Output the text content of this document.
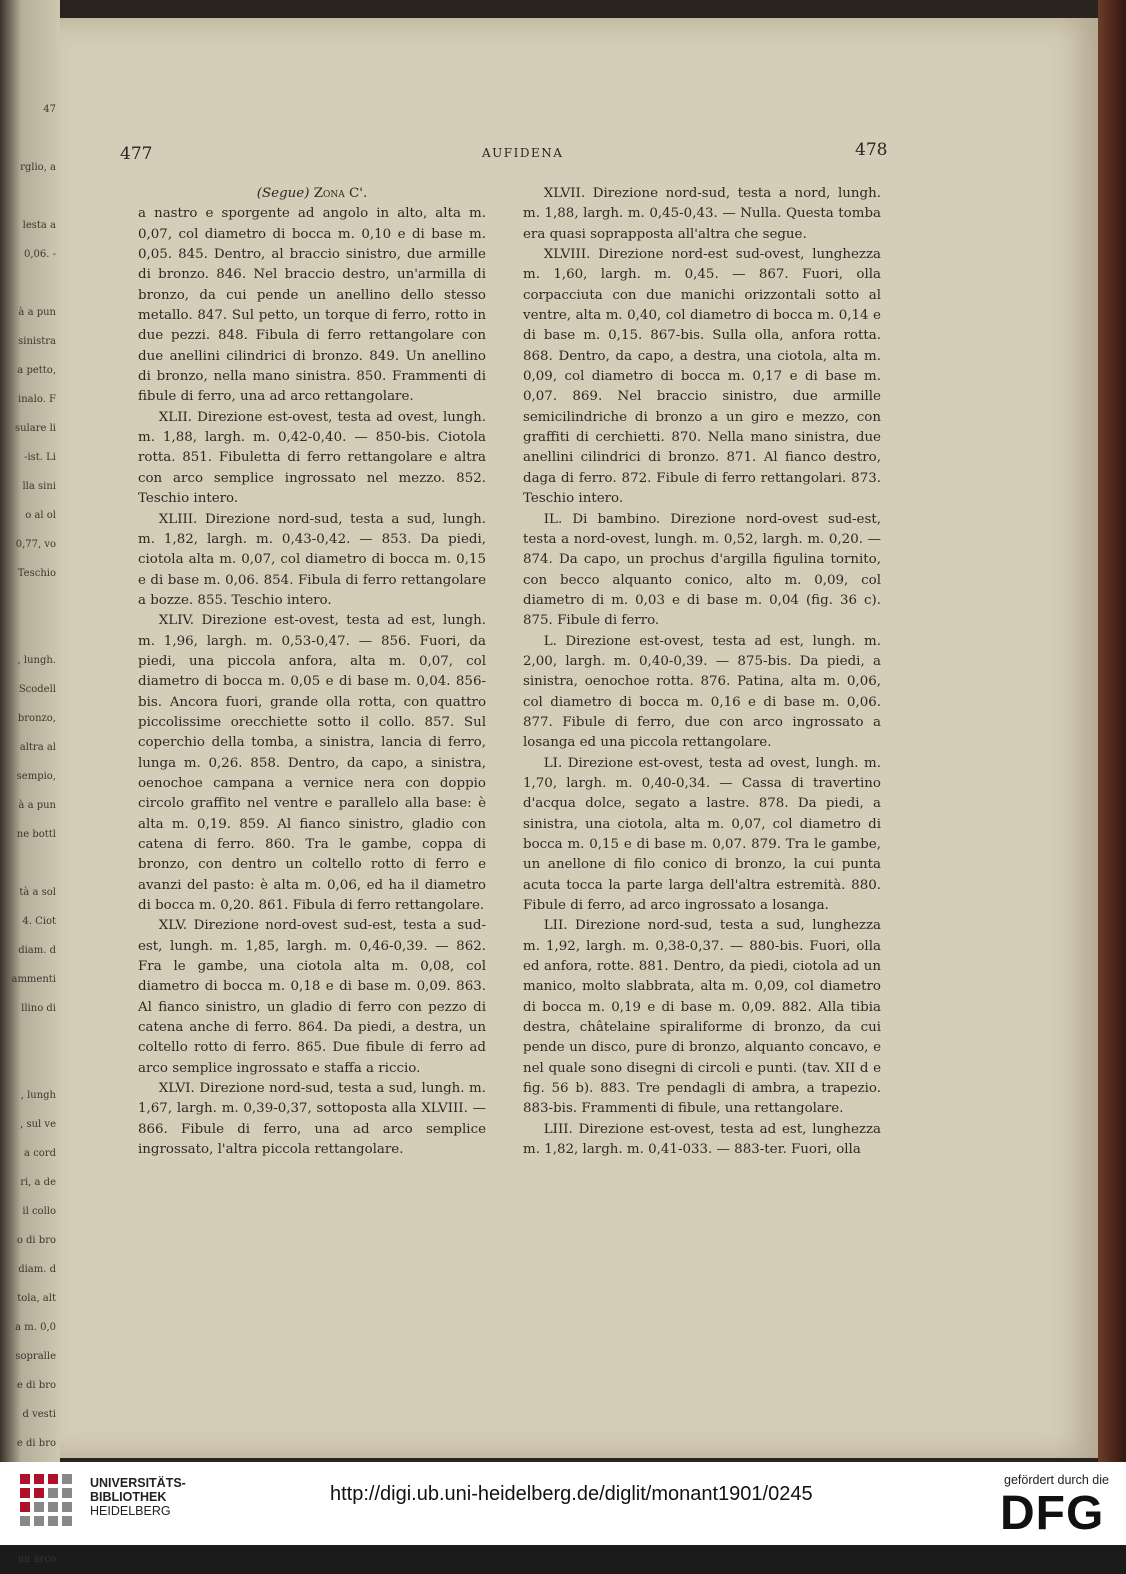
47

rglio, a

lesta a
0,06. -

à a pun
sinistra
a petto,
inalo. F
sulare li
-ist. Li
lla sini
o al ol
0,77, vo
Teschio

, lungh.
Scodell
bronzo,
altra al
sempio,
à a pun
ne bottl

tà a sol
4. Ciot
diam. d
ammenti
llino di

, lungh
, sul ve
a cord
ri, a de
il collo
o di bro
diam. d
tola, alt
a m. 0,0
sopralle
e di bro
d vesti
e di bro

un arco
477	AUFIDENA	478

(Segue) Zona C'.

a nastro e sporgente ad angolo in alto, alta m. 0,07, col diametro di bocca m. 0,10 e di base m. 0,05. 845. Dentro, al braccio sinistro, due armille di bronzo. 846. Nel braccio destro, un'armilla di bronzo, da cui pende un anellino dello stesso metallo. 847. Sul petto, un torque di ferro, rotto in due pezzi. 848. Fibula di ferro rettangolare con due anellini cilindrici di bronzo. 849. Un anellino di bronzo, nella mano sinistra. 850. Frammenti di fibule di ferro, una ad arco rettangolare.

XLII. Direzione est-ovest, testa ad ovest, lungh. m. 1,88, largh. m. 0,42-0,40. — 850-bis. Ciotola rotta. 851. Fibuletta di ferro rettangolare e altra con arco semplice ingrossato nel mezzo. 852. Teschio intero.

XLIII. Direzione nord-sud, testa a sud, lungh. m. 1,82, largh. m. 0,43-0,42. — 853. Da piedi, ciotola alta m. 0,07, col diametro di bocca m. 0,15 e di base m. 0,06. 854. Fibula di ferro rettangolare a bozze. 855. Teschio intero.

XLIV. Direzione est-ovest, testa ad est, lungh. m. 1,96, largh. m. 0,53-0,47. — 856. Fuori, da piedi, una piccola anfora, alta m. 0,07, col diametro di bocca m. 0,05 e di base m. 0,04. 856-bis. Ancora fuori, grande olla rotta, con quattro piccolissime orecchiette sotto il collo. 857. Sul coperchio della tomba, a sinistra, lancia di ferro, lunga m. 0,26. 858. Dentro, da capo, a sinistra, oenochoe campana a vernice nera con doppio circolo graffito nel ventre e parallelo alla base: è alta m. 0,19. 859. Al fianco sinistro, gladio con catena di ferro. 860. Tra le gambe, coppa di bronzo, con dentro un coltello rotto di ferro e avanzi del pasto: è alta m. 0,06, ed ha il diametro di bocca m. 0,20. 861. Fibula di ferro rettangolare.

XLV. Direzione nord-ovest sud-est, testa a sud-est, lungh. m. 1,85, largh. m. 0,46-0,39. — 862. Fra le gambe, una ciotola alta m. 0,08, col diametro di bocca m. 0,18 e di base m. 0,09. 863. Al fianco sinistro, un gladio di ferro con pezzo di catena anche di ferro. 864. Da piedi, a destra, un coltello rotto di ferro. 865. Due fibule di ferro ad arco semplice ingrossato e staffa a riccio.

XLVI. Direzione nord-sud, testa a sud, lungh. m. 1,67, largh. m. 0,39-0,37, sottoposta alla XLVIII. — 866. Fibule di ferro, una ad arco semplice ingrossato, l'altra piccola rettangolare.

XLVII. Direzione nord-sud, testa a nord, lungh. m. 1,88, largh. m. 0,45-0,43. — Nulla. Questa tomba era quasi soprapposta all'altra che segue.

XLVIII. Direzione nord-est sud-ovest, lunghezza m. 1,60, largh. m. 0,45. — 867. Fuori, olla corpacciuta con due manichi orizzontali sotto al ventre, alta m. 0,40, col diametro di bocca m. 0,14 e di base m. 0,15. 867-bis. Sulla olla, anfora rotta. 868. Dentro, da capo, a destra, una ciotola, alta m. 0,09, col diametro di bocca m. 0,17 e di base m. 0,07. 869. Nel braccio sinistro, due armille semicilindriche di bronzo a un giro e mezzo, con graffiti di cerchietti. 870. Nella mano sinistra, due anellini cilindrici di bronzo. 871. Al fianco destro, daga di ferro. 872. Fibule di ferro rettangolari. 873. Teschio intero.

IL. Di bambino. Direzione nord-ovest sud-est, testa a nord-ovest, lungh. m. 0,52, largh. m. 0,20. — 874. Da capo, un prochus d'argilla figulina tornito, con becco alquanto conico, alto m. 0,09, col diametro di m. 0,03 e di base m. 0,04 (fig. 36 c). 875. Fibule di ferro.

L. Direzione est-ovest, testa ad est, lungh. m. 2,00, largh. m. 0,40-0,39. — 875-bis. Da piedi, a sinistra, oenochoe rotta. 876. Patina, alta m. 0,06, col diametro di bocca m. 0,16 e di base m. 0,06. 877. Fibule di ferro, due con arco ingrossato a losanga ed una piccola rettangolare.

LI. Direzione est-ovest, testa ad ovest, lungh. m. 1,70, largh. m. 0,40-0,34. — Cassa di travertino d'acqua dolce, segato a lastre. 878. Da piedi, a sinistra, una ciotola, alta m. 0,07, col diametro di bocca m. 0,15 e di base m. 0,07. 879. Tra le gambe, un anellone di filo conico di bronzo, la cui punta acuta tocca la parte larga dell'altra estremità. 880. Fibule di ferro, ad arco ingrossato a losanga.

LII. Direzione nord-sud, testa a sud, lunghezza m. 1,92, largh. m. 0,38-0,37. — 880-bis. Fuori, olla ed anfora, rotte. 881. Dentro, da piedi, ciotola ad un manico, molto slabbrata, alta m. 0,09, col diametro di bocca m. 0,19 e di base m. 0,09. 882. Alla tibia destra, châtelaine spiraliforme di bronzo, da cui pende un disco, pure di bronzo, alquanto concavo, e nel quale sono disegni di circoli e punti. (tav. XII d e fig. 56 b). 883. Tre pendagli di ambra, a trapezio. 883-bis. Frammenti di fibule, una rettangolare.

LIII. Direzione est-ovest, testa ad est, lunghezza m. 1,82, largh. m. 0,41-033. — 883-ter. Fuori, olla

UNIVERSITÄTS-
BIBLIOTHEK
HEIDELBERG
http://digi.ub.uni-heidelberg.de/diglit/monant1901/0245
gefördert durch die
DFG
